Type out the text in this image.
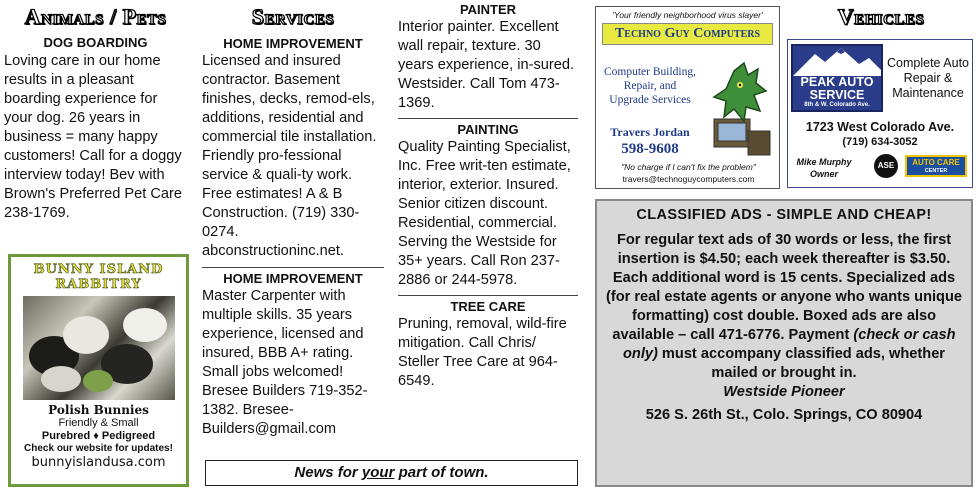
Animals / Pets
DOG BOARDING
Loving care in our home results in a pleasant boarding experience for your dog. 26 years in business = many happy customers! Call for a doggy interview today! Bev with Brown's Preferred Pet Care 238-1769.
BUNNY ISLAND
RABBITRY
Polish Bunnies
Friendly & Small
Purebred ♦ Pedigreed
Check our website for updates!
bunnyislandusa.com
Services
HOME IMPROVEMENT
Licensed and insured contractor. Basement finishes, decks, remod-els, additions, residential and commercial tile installation. Friendly pro-fessional service & quali-ty work. Free estimates! A & B Construction. (719) 330-0274. abconstructioninc.net.
HOME IMPROVEMENT
Master Carpenter with multiple skills. 35 years experience, licensed and insured, BBB A+ rating. Small jobs welcomed! Bresee Builders 719-352-1382. Bresee-Builders@gmail.com
PAINTER
Interior painter. Excellent wall repair, texture. 30 years experience, in-sured. Westsider. Call Tom 473-1369.
PAINTING
Quality Painting Specialist, Inc. Free writ-ten estimate, interior, exterior. Insured. Senior citizen discount. Residential, commercial. Serving the Westside for 35+ years. Call Ron 237-2886 or 244-5978.
TREE CARE
Pruning, removal, wild-fire mitigation. Call Chris/ Steller Tree Care at 964-6549.
News for your part of town.
'Your friendly neighborhood virus slayer'
Techno Guy Computers
Computer Building,
Repair, and
Upgrade Services
Travers Jordan
598-9608
"No charge if I can't fix the problem"
travers@technoguycomputers.com
Vehicles
PEAK AUTO
SERVICE
8th & W. Colorado Ave.
Complete Auto
Repair &
Maintenance
1723 West Colorado Ave.
(719) 634-3052
Mike Murphy
Owner
ASE	AUTO CARE
CENTER
CLASSIFIED ADS - SIMPLE AND CHEAP!
For regular text ads of 30 words or less, the first insertion is $4.50; each week thereafter is $3.50. Each additional word is 15 cents. Specialized ads (for real estate agents or anyone who wants unique formatting) cost double. Boxed ads are also available – call 471-6776. Payment (check or cash only) must accompany classified ads, whether mailed or brought in.
Westside Pioneer
526 S. 26th St., Colo. Springs, CO 80904
